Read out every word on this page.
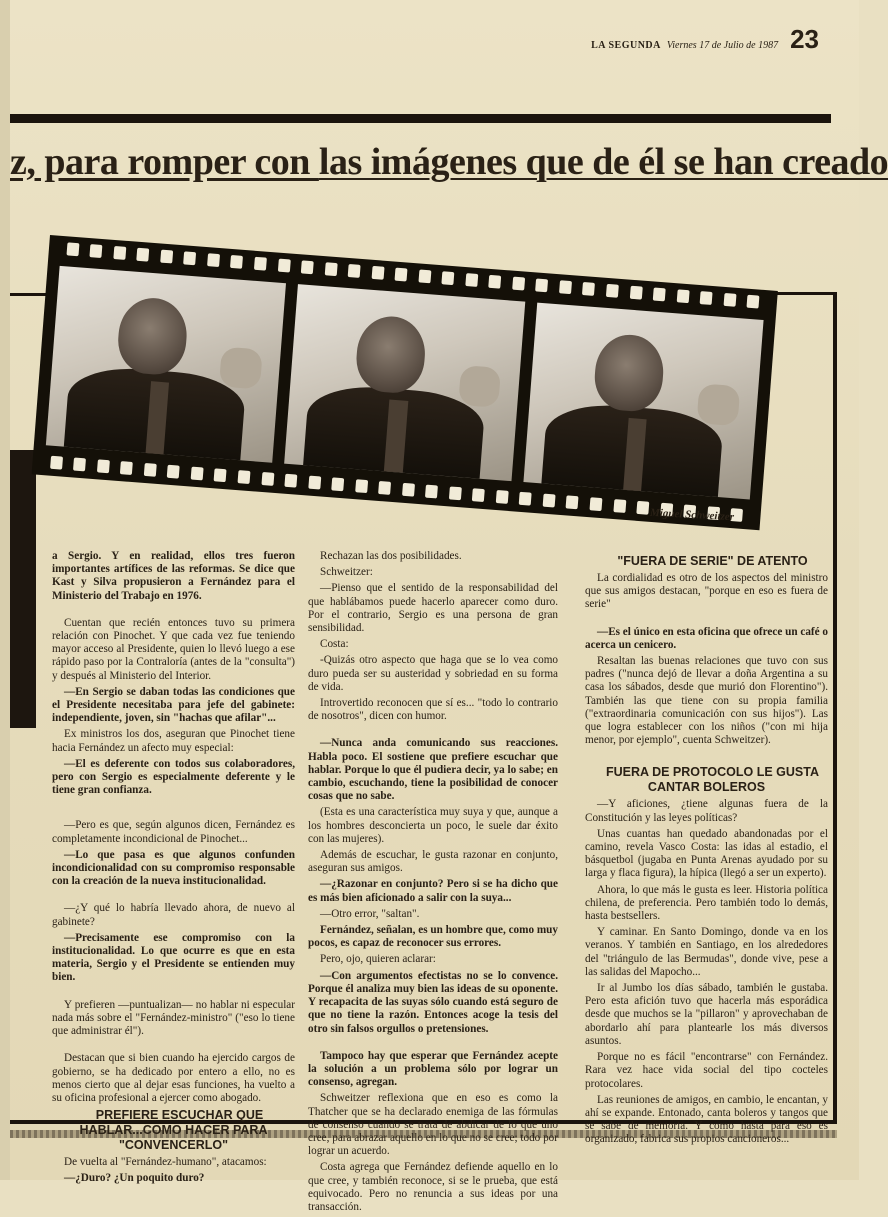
LA SEGUNDA Viernes 17 de Julio de 1987 23
z, para romper con las imágenes que de él se han creado
Miguel Schweitzer

a Sergio. Y en realidad, ellos tres fueron importantes artífices de las reformas. Se dice que Kast y Silva propusieron a Fernández para el Ministerio del Trabajo en 1976.

Cuentan que recién entonces tuvo su primera relación con Pinochet. Y que cada vez fue teniendo mayor acceso al Presidente, quien lo llevó luego a ese rápido paso por la Contraloría (antes de la "consulta") y después al Ministerio del Interior.

—En Sergio se daban todas las condiciones que el Presidente necesitaba para jefe del gabinete: independiente, joven, sin "hachas que afilar"...

Ex ministros los dos, aseguran que Pinochet tiene hacia Fernández un afecto muy especial:

—El es deferente con todos sus colaboradores, pero con Sergio es especialmente deferente y le tiene gran confianza.

—Pero es que, según algunos dicen, Fernández es completamente incondicional de Pinochet...

—Lo que pasa es que algunos confunden incondicionalidad con su compromiso responsable con la creación de la nueva institucionalidad.

—¿Y qué lo habría llevado ahora, de nuevo al gabinete?

—Precisamente ese compromiso con la institucionalidad. Lo que ocurre es que en esta materia, Sergio y el Presidente se entienden muy bien.

Y prefieren —puntualizan— no hablar ni especular nada más sobre el "Fernández-ministro" ("eso lo tiene que administrar él").

Destacan que si bien cuando ha ejercido cargos de gobierno, se ha dedicado por entero a ello, no es menos cierto que al dejar esas funciones, ha vuelto a su oficina profesional a ejercer como abogado.

PREFIERE ESCUCHAR QUE HABLAR...COMO HACER PARA "CONVENCERLO"

De vuelta al "Fernández-humano", atacamos:

—¿Duro? ¿Un poquito duro?

Rechazan las dos posibilidades.

Schweitzer:

—Pienso que el sentido de la responsabilidad del que hablábamos puede hacerlo aparecer como duro. Por el contrario, Sergio es una persona de gran sensibilidad.

Costa:

-Quizás otro aspecto que haga que se lo vea como duro pueda ser su austeridad y sobriedad en su forma de vida.

Introvertido reconocen que sí es... "todo lo contrario de nosotros", dicen con humor.

—Nunca anda comunicando sus reacciones. Habla poco. El sostiene que prefiere escuchar que hablar. Porque lo que él pudiera decir, ya lo sabe; en cambio, escuchando, tiene la posibilidad de conocer cosas que no sabe.

(Esta es una característica muy suya y que, aunque a los hombres desconcierta un poco, le suele dar éxito con las mujeres).

Además de escuchar, le gusta razonar en conjunto, aseguran sus amigos.

—¿Razonar en conjunto? Pero si se ha dicho que es más bien aficionado a salir con la suya...

—Otro error, "saltan".

Fernández, señalan, es un hombre que, como muy pocos, es capaz de reconocer sus errores.

Pero, ojo, quieren aclarar:

—Con argumentos efectistas no se lo convence. Porque él analiza muy bien las ideas de su oponente. Y recapacita de las suyas sólo cuando está seguro de que no tiene la razón. Entonces acoge la tesis del otro sin falsos orgullos o pretensiones.

Tampoco hay que esperar que Fernández acepte la solución a un problema sólo por lograr un consenso, agregan.

Schweitzer reflexiona que en eso es como la Thatcher que se ha declarado enemiga de las fórmulas de consenso cuando se trata de abdicar de lo que uno cree, para abrazar aquello en lo que no se cree; todo por lograr un acuerdo.

Costa agrega que Fernández defiende aquello en lo que cree, y también reconoce, si se le prueba, que está equivocado. Pero no renuncia a sus ideas por una transacción.

"FUERA DE SERIE" DE ATENTO

La cordialidad es otro de los aspectos del ministro que sus amigos destacan, "porque en eso es fuera de serie"

—Es el único en esta oficina que ofrece un café o acerca un cenicero.

Resaltan las buenas relaciones que tuvo con sus padres ("nunca dejó de llevar a doña Argentina a su casa los sábados, desde que murió don Florentino"). También las que tiene con su propia familia ("extraordinaria comunicación con sus hijos"). Las que logra establecer con los niños ("con mi hija menor, por ejemplo", cuenta Schweitzer).

FUERA DE PROTOCOLO LE GUSTA CANTAR BOLEROS

—Y aficiones, ¿tiene algunas fuera de la Constitución y las leyes políticas?

Unas cuantas han quedado abandonadas por el camino, revela Vasco Costa: las idas al estadio, el básquetbol (jugaba en Punta Arenas ayudado por su larga y flaca figura), la hípica (llegó a ser un experto).

Ahora, lo que más le gusta es leer. Historia política chilena, de preferencia. Pero también todo lo demás, hasta bestsellers.

Y caminar. En Santo Domingo, donde va en los veranos. Y también en Santiago, en los alrededores del "triángulo de las Bermudas", donde vive, pese a las salidas del Mapocho...

Ir al Jumbo los días sábado, también le gustaba. Pero esta afición tuvo que hacerla más esporádica desde que muchos se la "pillaron" y aprovechaban de abordarlo ahí para plantearle los más diversos asuntos.

Porque no es fácil "encontrarse" con Fernández. Rara vez hace vida social del tipo cocteles protocolares.

Las reuniones de amigos, en cambio, le encantan, y ahí se expande. Entonado, canta boleros y tangos que se sabe de memoria. Y como hasta para eso es organizado, fabrica sus propios cancioneros...
